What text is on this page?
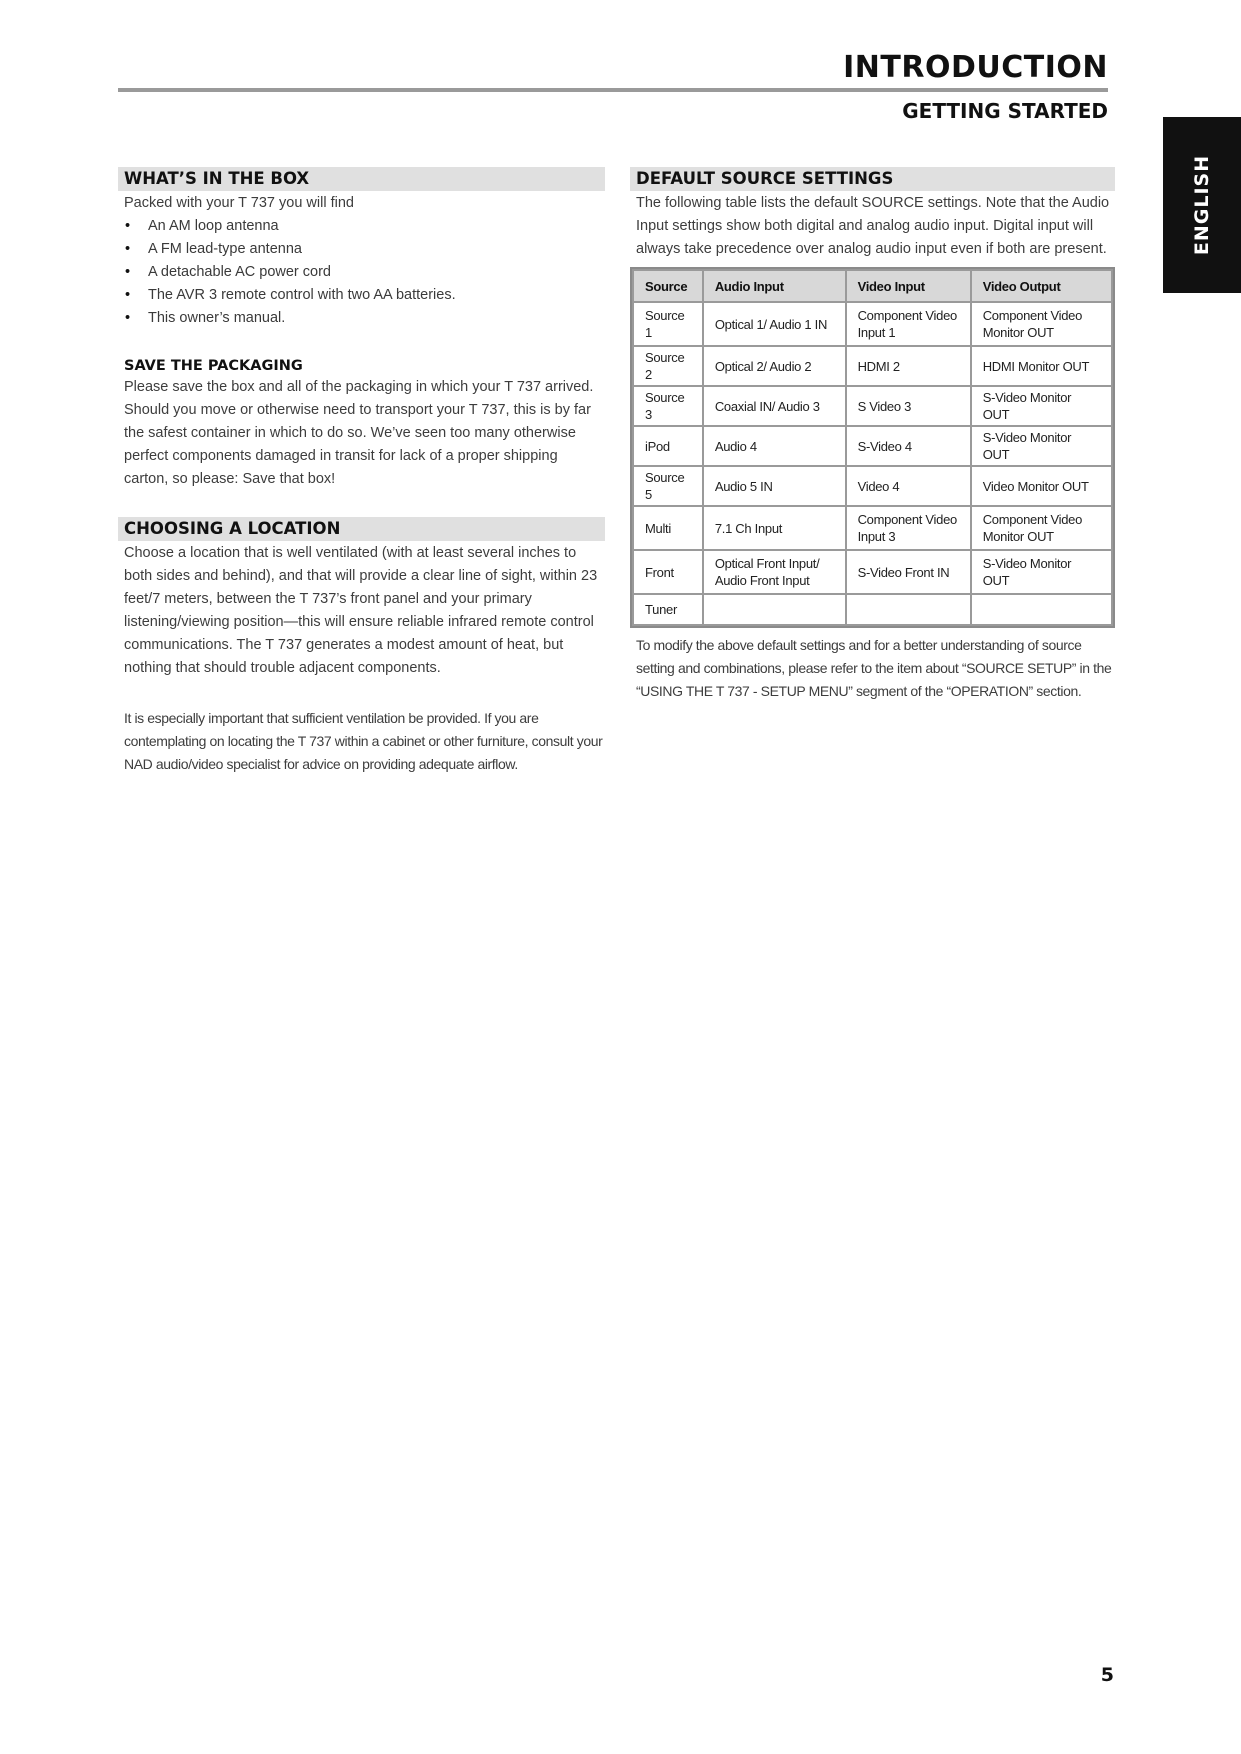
INTRODUCTION
GETTING STARTED
ENGLISH
WHAT’S IN THE BOX
Packed with your T 737 you will find
• An AM loop antenna
• A FM lead-type antenna
• A detachable AC power cord
• The AVR 3 remote control with two AA batteries.
• This owner’s manual.
SAVE THE PACKAGING
Please save the box and all of the packaging in which your T 737 arrived. Should you move or otherwise need to transport your T 737, this is by far the safest container in which to do so. We’ve seen too many otherwise perfect components damaged in transit for lack of a proper shipping carton, so please: Save that box!
CHOOSING A LOCATION
Choose a location that is well ventilated (with at least several inches to both sides and behind), and that will provide a clear line of sight, within 23 feet/7 meters, between the T 737’s front panel and your primary listening/viewing position—this will ensure reliable infrared remote control communications. The T 737 generates a modest amount of heat, but nothing that should trouble adjacent components.
It is especially important that sufficient ventilation be provided. If you are contemplating on locating the T 737 within a cabinet or other furniture, consult your NAD audio/video specialist for advice on providing adequate airflow.
DEFAULT SOURCE SETTINGS
The following table lists the default SOURCE settings. Note that the Audio Input settings show both digital and analog audio input. Digital input will always take precedence over analog audio input even if both are present.
Source	Audio Input	Video Input	Video Output
Source 1	Optical 1/ Audio 1 IN	Component Video Input 1	Component Video Monitor OUT
Source 2	Optical 2/ Audio 2	HDMI 2	HDMI Monitor OUT
Source 3	Coaxial IN/ Audio 3	S Video 3	S-Video Monitor OUT
iPod	Audio 4	S-Video 4	S-Video Monitor OUT
Source 5	Audio 5 IN	Video 4	Video Monitor OUT
Multi	7.1 Ch Input	Component Video Input 3	Component Video Monitor OUT
Front	Optical Front Input/ Audio Front Input	S-Video Front IN	S-Video Monitor OUT
Tuner			
To modify the above default settings and for a better understanding of source setting and combinations, please refer to the item about “SOURCE SETUP” in the “USING THE T 737 - SETUP MENU” segment of the “OPERATION” section.
5
